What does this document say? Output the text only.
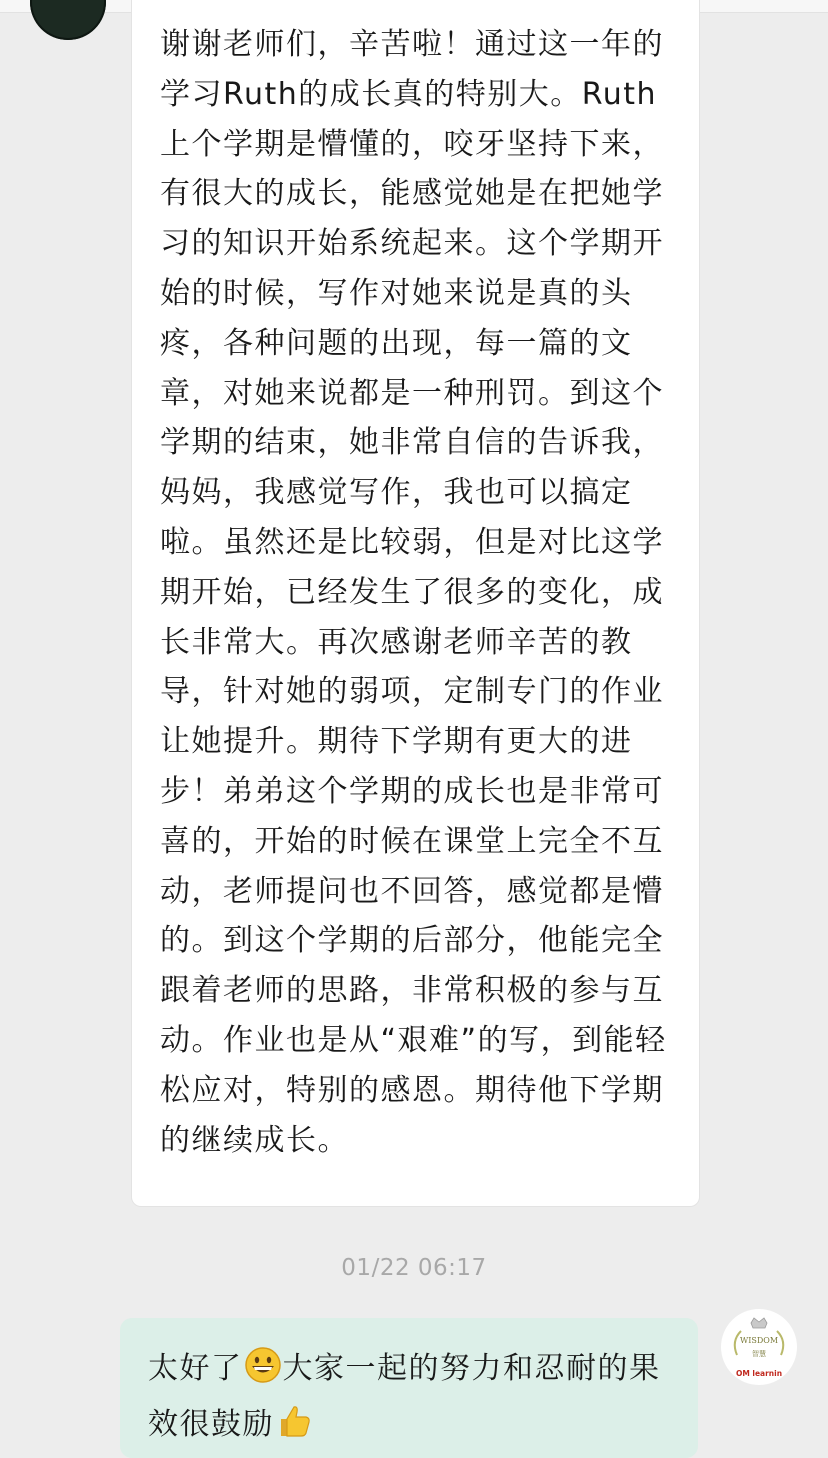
谢谢老师们，辛苦啦！通过这一年的学习Ruth的成长真的特别大。Ruth上个学期是懵懂的，咬牙坚持下来，有很大的成长，能感觉她是在把她学习的知识开始系统起来。这个学期开始的时候，写作对她来说是真的头疼，各种问题的出现，每一篇的文章，对她来说都是一种刑罚。到这个学期的结束，她非常自信的告诉我，妈妈，我感觉写作，我也可以搞定啦。虽然还是比较弱，但是对比这学期开始，已经发生了很多的变化，成长非常大。再次感谢老师辛苦的教导，针对她的弱项，定制专门的作业让她提升。期待下学期有更大的进步！弟弟这个学期的成长也是非常可喜的，开始的时候在课堂上完全不互动，老师提问也不回答，感觉都是懵的。到这个学期的后部分，他能完全跟着老师的思路，非常积极的参与互动。作业也是从“艰难”的写，到能轻松应对，特别的感恩。期待他下学期的继续成长。
01/22 06:17
太好了 大家一起的努力和忍耐的果效很鼓励
WISDOM
智慧
OM learnin
